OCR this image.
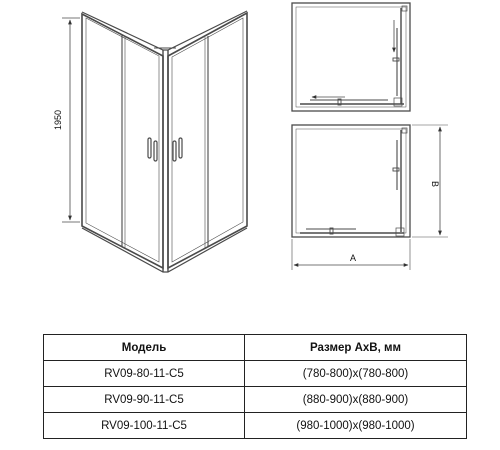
1950
A
B
Модель	Размер АхВ, мм
RV09-80-11-C5	(780-800)х(780-800)
RV09-90-11-C5	(880-900)х(880-900)
RV09-100-11-C5	(980-1000)х(980-1000)
